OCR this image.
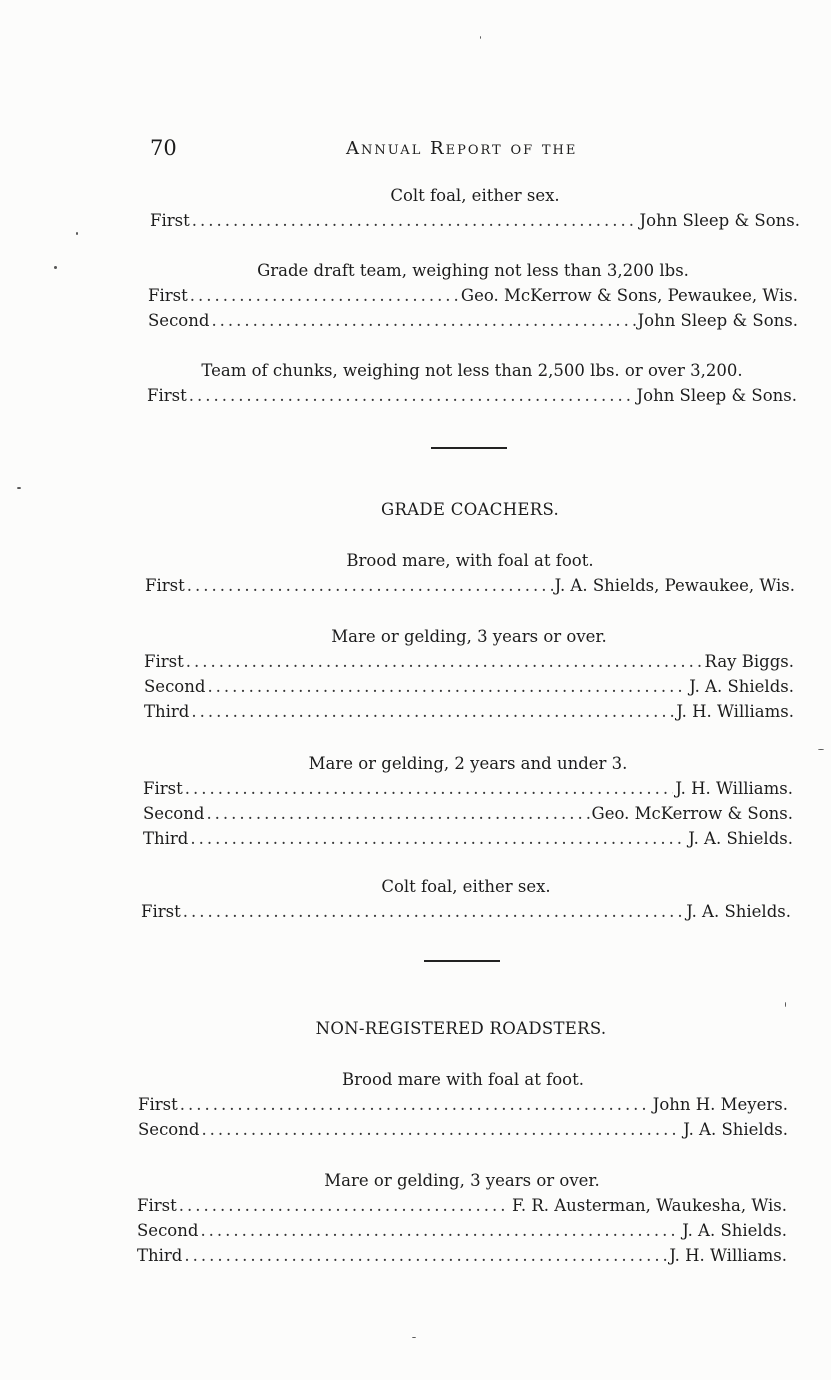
70	Annual Report of the
Colt foal, either sex.
First .....	John Sleep & Sons.
Grade draft team, weighing not less than 3,200 lbs.
First .....	Geo. McKerrow & Sons, Pewaukee, Wis.
Second .....	John Sleep & Sons.
Team of chunks, weighing not less than 2,500 lbs. or over 3,200.
First .....	John Sleep & Sons.
GRADE COACHERS.
Brood mare, with foal at foot.
First .....	J. A. Shields, Pewaukee, Wis.
Mare or gelding, 3 years or over.
First .....	Ray Biggs.
Second .....	J. A. Shields.
Third .....	J. H. Williams.
Mare or gelding, 2 years and under 3.
First .....	J. H. Williams.
Second .....	Geo. McKerrow & Sons.
Third .....	J. A. Shields.
Colt foal, either sex.
First .....	J. A. Shields.
NON-REGISTERED ROADSTERS.
Brood mare with foal at foot.
First .....	John H. Meyers.
Second .....	J. A. Shields.
Mare or gelding, 3 years or over.
First .....	F. R. Austerman, Waukesha, Wis.
Second .....	J. A. Shields.
Third .....	J. H. Williams.
